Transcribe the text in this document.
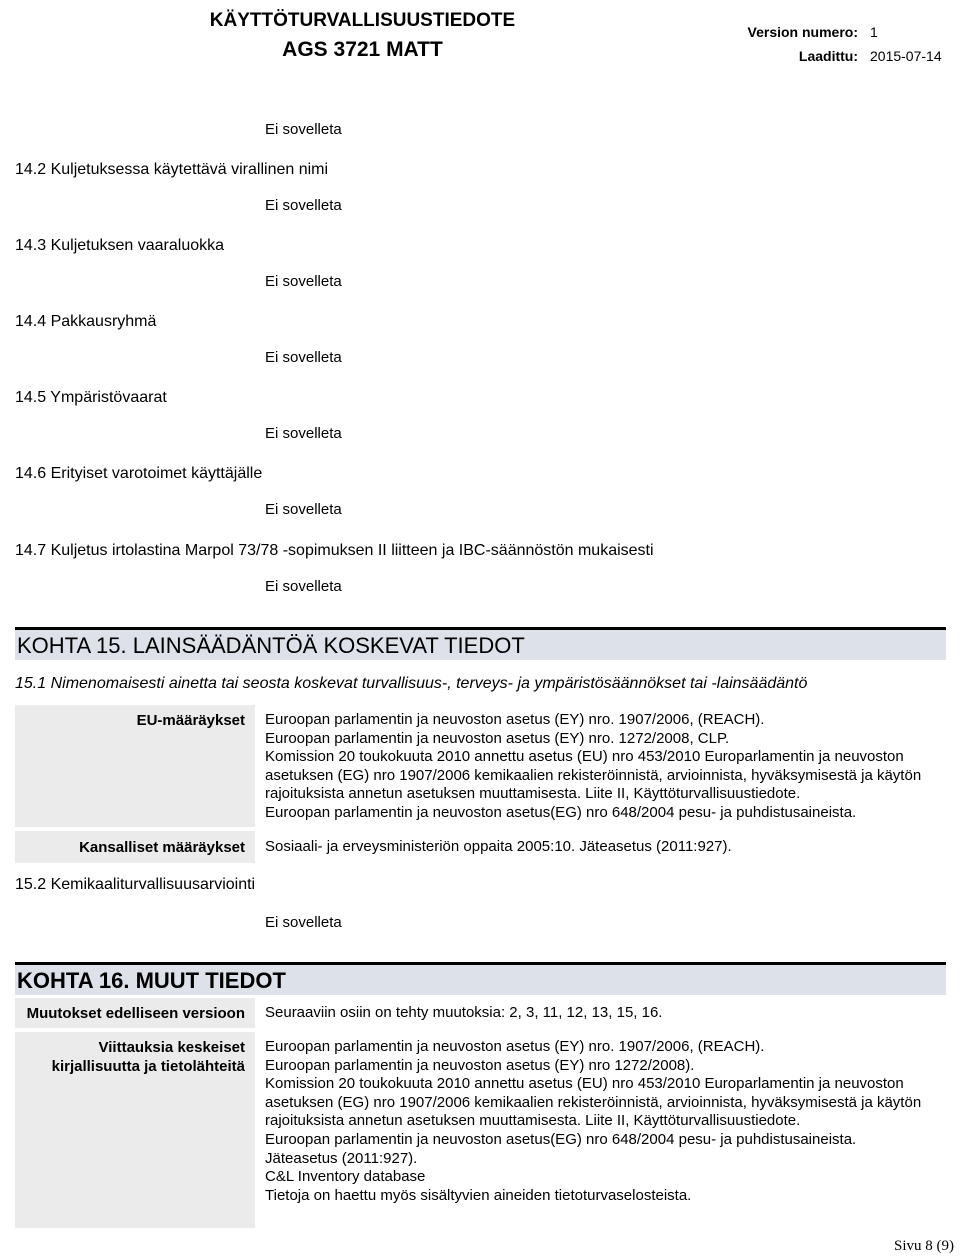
KÄYTTÖTURVALLISUUSTIEDOTE
AGS 3721 MATT
Version numero: 1
Laadittu: 2015-07-14
Ei sovelleta
14.2 Kuljetuksessa käytettävä virallinen nimi
Ei sovelleta
14.3 Kuljetuksen vaaraluokka
Ei sovelleta
14.4 Pakkausryhmä
Ei sovelleta
14.5 Ympäristövaarat
Ei sovelleta
14.6 Erityiset varotoimet käyttäjälle
Ei sovelleta
14.7 Kuljetus irtolastina Marpol 73/78 -sopimuksen II liitteen ja IBC-säännöstön mukaisesti
Ei sovelleta
KOHTA 15. LAINSÄÄDÄNTÖÄ KOSKEVAT TIEDOT
15.1 Nimenomaisesti ainetta tai seosta koskevat turvallisuus-, terveys- ja ympäristösäännökset tai -lainsäädäntö
EU-määräykset Euroopan parlamentin ja neuvoston asetus (EY) nro. 1907/2006, (REACH).
Euroopan parlamentin ja neuvoston asetus (EY) nro. 1272/2008, CLP.
Komission 20 toukokuuta 2010 annettu asetus (EU) nro 453/2010 Europarlamentin ja neuvoston
asetuksen (EG) nro 1907/2006 kemikaalien rekisteröinnistä, arvioinnista, hyväksymisestä ja käytön
rajoituksista annetun asetuksen muuttamisesta. Liite II, Käyttöturvallisuustiedote.
Euroopan parlamentin ja neuvoston asetus(EG) nro 648/2004 pesu- ja puhdistusaineista.
Kansalliset määräykset Sosiaali- ja erveysministeriön oppaita 2005:10. Jäteasetus (2011:927).
15.2 Kemikaaliturvallisuusarviointi
Ei sovelleta
KOHTA 16. MUUT TIEDOT
Muutokset edelliseen versioon Seuraaviin osiin on tehty muutoksia: 2, 3, 11, 12, 13, 15, 16.
Viittauksia keskeiset
kirjallisuutta ja tietolähteitä
Euroopan parlamentin ja neuvoston asetus (EY) nro. 1907/2006, (REACH).
Euroopan parlamentin ja neuvoston asetus (EY) nro 1272/2008).
Komission 20 toukokuuta 2010 annettu asetus (EU) nro 453/2010 Europarlamentin ja neuvoston
asetuksen (EG) nro 1907/2006 kemikaalien rekisteröinnistä, arvioinnista, hyväksymisestä ja käytön
rajoituksista annetun asetuksen muuttamisesta. Liite II, Käyttöturvallisuustiedote.
Euroopan parlamentin ja neuvoston asetus(EG) nro 648/2004 pesu- ja puhdistusaineista.
Jäteasetus (2011:927).
C&L Inventory database
Tietoja on haettu myös sisältyvien aineiden tietoturvaselosteista.
Sivu 8 (9)
